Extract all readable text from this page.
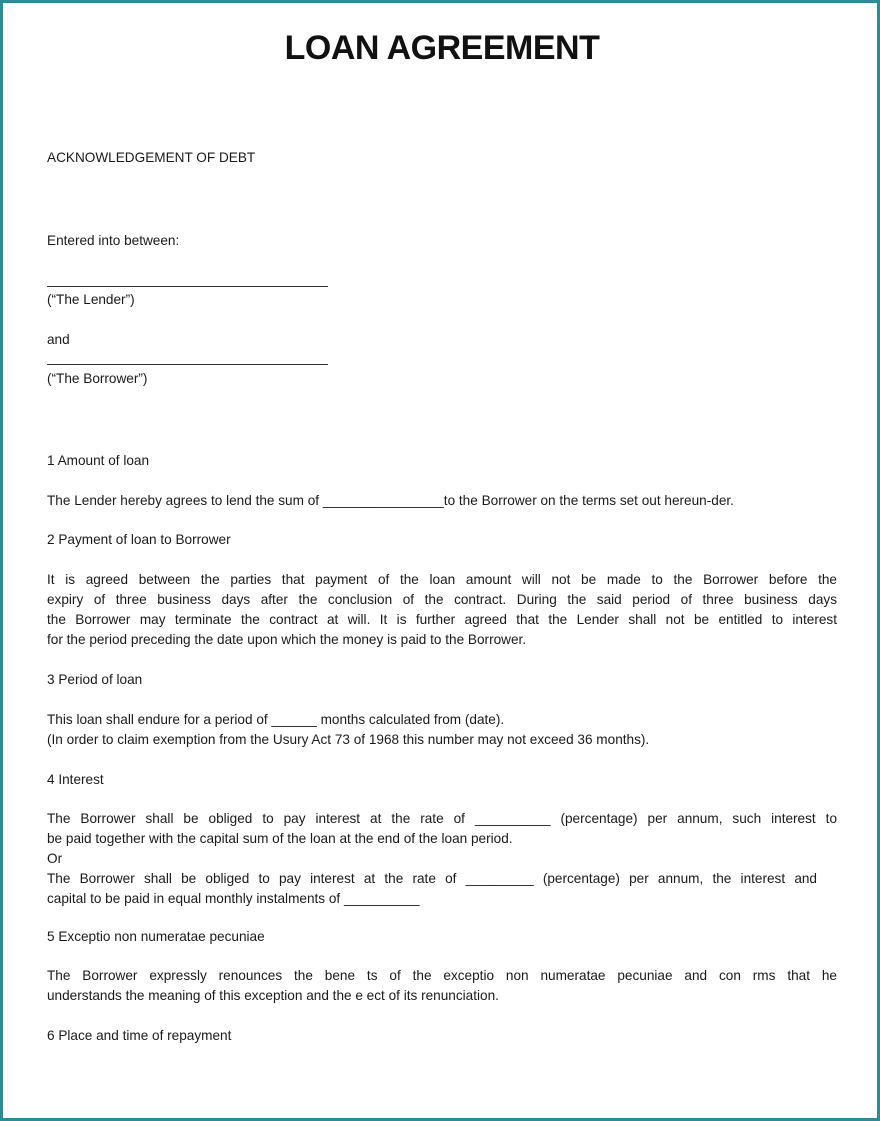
LOAN AGREEMENT

ACKNOWLEDGEMENT OF DEBT

Entered into between:

(“The Lender”)

and

(“The Borrower”)

1 Amount of loan

The Lender hereby agrees to lend the sum of ________________to the Borrower on the terms set out hereun-der.

2 Payment of loan to Borrower

It is agreed between the parties that payment of the loan amount will not be made to the Borrower before the

expiry of three business days after the conclusion of the contract. During the said period of three business days

the Borrower may terminate the contract at will. It is further agreed that the Lender shall not be entitled to interest

for the period preceding the date upon which the money is paid to the Borrower.

3 Period of loan

This loan shall endure for a period of ______ months calculated from (date).

(In order to claim exemption from the Usury Act 73 of 1968 this number may not exceed 36 months).

4 Interest

The Borrower shall be obliged to pay interest at the rate of __________ (percentage) per annum, such interest to

be paid together with the capital sum of the loan at the end of the loan period.

Or

The Borrower shall be obliged to pay interest at the rate of _________ (percentage) per annum, the interest and

capital to be paid in equal monthly instalments of __________

5 Exceptio non numeratae pecuniae

The Borrower expressly renounces the bene ts of the exceptio non numeratae pecuniae and con rms that he

understands the meaning of this exception and the e ect of its renunciation.

6 Place and time of repayment
